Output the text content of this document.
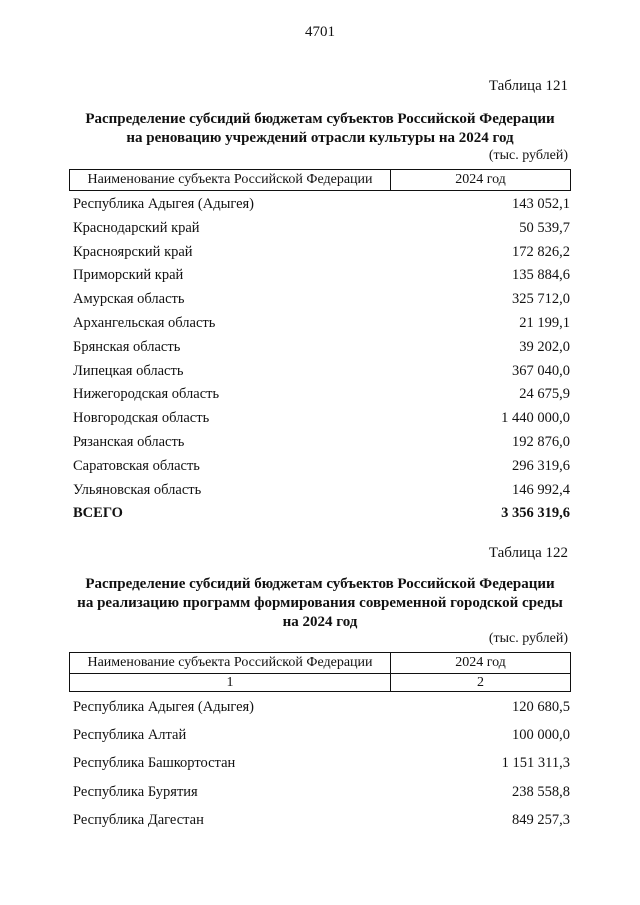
4701
Таблица 121
Распределение субсидий бюджетам субъектов Российской Федерации
на реновацию учреждений отрасли культуры на 2024 год
(тыс. рублей)
Наименование субъекта Российской Федерации	2024 год
Республика Адыгея (Адыгея)	143 052,1
Краснодарский край	50 539,7
Красноярский край	172 826,2
Приморский край	135 884,6
Амурская область	325 712,0
Архангельская область	21 199,1
Брянская область	39 202,0
Липецкая область	367 040,0
Нижегородская область	24 675,9
Новгородская область	1 440 000,0
Рязанская область	192 876,0
Саратовская область	296 319,6
Ульяновская область	146 992,4
ВСЕГО	3 356 319,6
Таблица 122
Распределение субсидий бюджетам субъектов Российской Федерации
на реализацию программ формирования современной городской среды
на 2024 год
(тыс. рублей)
Наименование субъекта Российской Федерации	2024 год
1	2
Республика Адыгея (Адыгея)	120 680,5
Республика Алтай	100 000,0
Республика Башкортостан	1 151 311,3
Республика Бурятия	238 558,8
Республика Дагестан	849 257,3
